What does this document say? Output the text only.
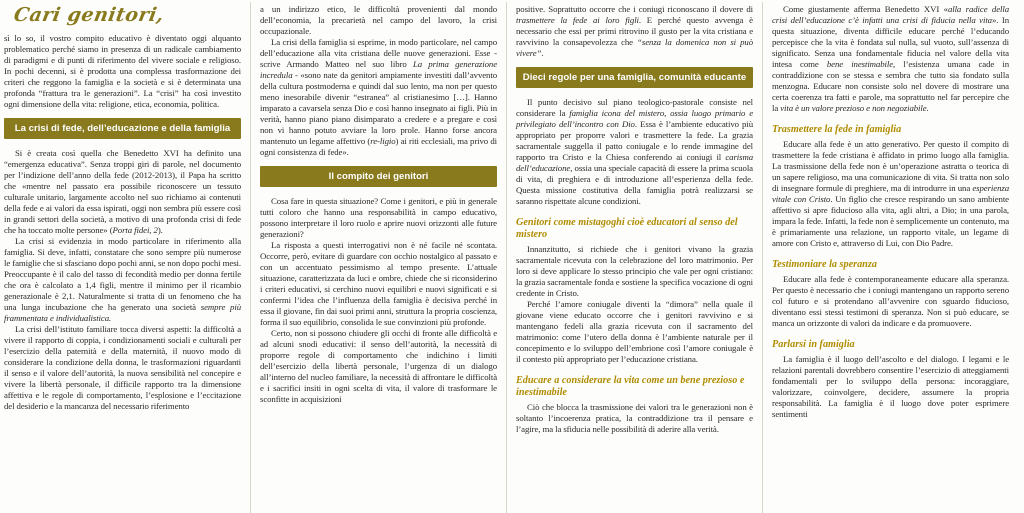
Cari genitori,

sì lo so, il vostro compito educativo è diventato oggi alquanto problematico perché siamo in presenza di un radicale cambiamento di paradigmi e di punti di riferimento del vivere sociale e religioso. In pochi decenni, si è prodotta una complessa trasformazione dei criteri che reggono la famiglia e la società e si è determinata una profonda “frattura tra le generazioni”. La “crisi” ha così investito ogni dimensione della vita: religione, etica, economia, politica.

La crisi di fede, dell’educazione e della famiglia

Si è creata così quella che Benedetto XVI ha definito una “emergenza educativa”. Senza troppi giri di parole, nel documento per l’indizione dell’anno della fede (2012-2013), il Papa ha scritto che «mentre nel passato era possibile riconoscere un tessuto culturale unitario, largamente accolto nel suo richiamo ai contenuti della fede e ai valori da essa ispirati, oggi non sembra più essere così in grandi settori della società, a motivo di una profonda crisi di fede che ha toccato molte persone» (Porta fidei, 2).

La crisi si evidenzia in modo particolare in riferimento alla famiglia. Si deve, infatti, constatare che sono sempre più numerose le famiglie che si sfasciano dopo pochi anni, se non dopo pochi mesi. Preoccupante è il calo del tasso di fecondità medio per donna fertile che ora è calcolato a 1,4 figli, mentre il minimo per il ricambio generazionale è 2,1. Naturalmente si tratta di un fenomeno che ha una lunga incubazione che ha generato una società sempre più frammentata e individualistica.

La crisi dell’istituto familiare tocca diversi aspetti: la difficoltà a vivere il rapporto di coppia, i condizionamenti sociali e culturali per l’esercizio della paternità e della maternità, il nuovo modo di considerare la condizione della donna, le trasformazioni riguardanti il senso e il valore dell’autorità, la nuova sensibilità nel concepire e vivere la libertà personale, il difficile rapporto tra la dimensione affettiva e le regole di comportamento, l’esplosione e l’eccitazione del desiderio e la mancanza del necessario riferimento

a un indirizzo etico, le difficoltà provenienti dal mondo dell’economia, la precarietà nel campo del lavoro, la crisi occupazionale.

La crisi della famiglia si esprime, in modo particolare, nel campo dell’educazione alla vita cristiana delle nuove generazioni. Esse - scrive Armando Matteo nel suo libro La prima generazione incredula - «sono nate da genitori ampiamente investiti dall’avvento della cultura postmoderna e quindi dal suo lento, ma non per questo meno inesorabile divenir “estranea” al cristianesimo […]. Hanno imparato a cavarsela senza Dio e così hanno insegnato ai figli. Più in verità, hanno piano piano disimparato a credere e a pregare e così non vi hanno potuto avviare la loro prole. Hanno forse ancora mantenuto un legame affettivo (re-ligio) ai riti ecclesiali, ma privo di ogni consistenza di fede».

Il compito dei genitori

Cosa fare in questa situazione? Come i genitori, e più in generale tutti coloro che hanno una responsabilità in campo educativo, possono interpretare il loro ruolo e aprire nuovi orizzonti alle future generazioni?

La risposta a questi interrogativi non è né facile né scontata. Occorre, però, evitare di guardare con occhio nostalgico al passato e con un accentuato pessimismo al tempo presente. L’attuale situazione, caratterizzata da luci e ombre, chiede che si riconsiderino i criteri educativi, si cerchino nuovi equilibri e nuovi significati e si confermi l’idea che l’influenza della famiglia è decisiva perché in essa il giovane, fin dai suoi primi anni, struttura la propria coscienza, forma il suo equilibrio, consolida le sue convinzioni più profonde.

Certo, non si possono chiudere gli occhi di fronte alle difficoltà e ad alcuni snodi educativi: il senso dell’autorità, la necessità di proporre regole di comportamento che indichino i limiti dell’esercizio della libertà personale, l’urgenza di un dialogo all’interno del nucleo familiare, la necessità di affrontare le difficoltà e i sacrifici insiti in ogni scelta di vita, il valore di trasformare le sconfitte in acquisizioni

positive. Soprattutto occorre che i coniugi riconoscano il dovere di trasmettere la fede ai loro figli. E perché questo avvenga è necessario che essi per primi ritrovino il gusto per la vita cristiana e ravvivino la consapevolezza che “senza la domenica non si può vivere”.

Dieci regole per una famiglia, comunità educante

Il punto decisivo sul piano teologico-pastorale consiste nel considerare la famiglia icona del mistero, ossia luogo primario e privilegiato dell’incontro con Dio. Essa è l’ambiente educativo più appropriato per proporre valori e trasmettere la fede. La grazia sacramentale suggella il patto coniugale e lo rende immagine del rapporto tra Cristo e la Chiesa conferendo ai coniugi il carisma dell’educazione, ossia una speciale capacità di essere la prima scuola di vita, di preghiera e di introduzione all’esperienza della fede. Questa missione costitutiva della famiglia potrà realizzarsi se saranno rispettate alcune condizioni.

Genitori come mistagoghi cioè educatori al senso del mistero

Innanzitutto, si richiede che i genitori vivano la grazia sacramentale ricevuta con la celebrazione del loro matrimonio. Per loro si deve applicare lo stesso principio che vale per ogni cristiano: la grazia sacramentale fonda e sostiene la specifica vocazione di ogni credente in Cristo.

Perché l’amore coniugale diventi la “dimora” nella quale il giovane viene educato occorre che i genitori ravvivino e si mantengano fedeli alla grazia ricevuta con il sacramento del matrimonio: come l’utero della donna è l’ambiente naturale per il concepimento e lo sviluppo dell’embrione così l’amore coniugale è il contesto più appropriato per l’educazione cristiana.

Educare a considerare la vita come un bene prezioso e inestimabile

Ciò che blocca la trasmissione dei valori tra le generazioni non è soltanto l’incoerenza pratica, la contraddizione tra il pensare e l’agire, ma la sfiducia nelle possibilità di aderire alla verità.

Come giustamente afferma Benedetto XVI «alla radice della crisi dell’educazione c’è infatti una crisi di fiducia nella vita». In questa situazione, diventa difficile educare perché l’educando percepisce che la vita è fondata sul nulla, sul vuoto, sull’assenza di significato. Senza una fondamentale fiducia nel valore della vita intesa come bene inestimabile, l’esistenza umana cade in contraddizione con se stessa e sembra che tutto sia fondato sulla menzogna. Educare non consiste solo nel dovere di mostrare una certa coerenza tra fatti e parole, ma soprattutto nel far percepire che la vita è un valore prezioso e non negoziabile.

Trasmettere la fede in famiglia

Educare alla fede è un atto generativo. Per questo il compito di trasmettere la fede cristiana è affidato in primo luogo alla famiglia. La trasmissione della fede non è un’operazione astratta o teorica di un sapere religioso, ma una comunicazione di vita. Si tratta non solo di insegnare formule di preghiere, ma di introdurre in una esperienza vitale con Cristo. Un figlio che cresce respirando un sano ambiente affettivo si apre fiducioso alla vita, agli altri, a Dio; in una parola, impara la fede. Infatti, la fede non è semplicemente un contenuto, ma è primariamente una relazione, un rapporto vitale, un legame di amore con Cristo e, attraverso di Lui, con Dio Padre.

Testimoniare la speranza

Educare alla fede è contemporaneamente educare alla speranza. Per questo è necessario che i coniugi mantengano un rapporto sereno col futuro e si protendano all’avvenire con sguardo fiducioso, diventano essi stessi testimoni di speranza. Non si può educare, se manca un orizzonte di valori da indicare e da promuovere.

Parlarsi in famiglia

La famiglia è il luogo dell’ascolto e del dialogo. I legami e le relazioni parentali dovrebbero consentire l’esercizio di atteggiamenti fondamentali per lo sviluppo della persona: incoraggiare, valorizzare, coinvolgere, decidere, assumere la propria responsabilità. La famiglia è il luogo dove poter esprimere sentimenti
